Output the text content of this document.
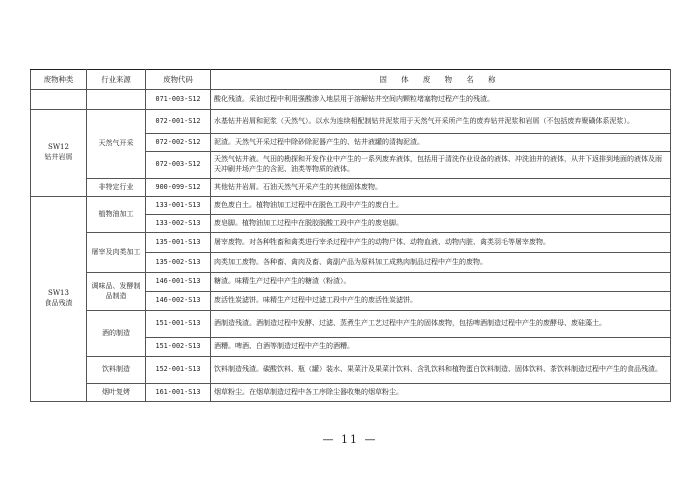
废物种类	行业来源	废物代码	固 体 废 物 名 称
		071-003-S12	酸化残渣。采油过程中利用强酸渗入地层用于溶解钻井空间内颗粒堵塞物过程产生的残渣。

SW12
钻井岩屑	天然气开采	072-001-S12	水基钻井岩屑和泥浆（天然气）。以水为连续相配制钻井泥浆用于天然气开采所产生的废弃钻井泥浆和岩屑（不包括废弃聚磺体系泥浆）。
		072-002-S12	泥渣。天然气开采过程中除砂除泥器产生的、钻井液罐的清掏泥渣。
		072-003-S12	天然气钻井液。气田的勘探和开发作业中产生的一系列废弃液体，包括用于清洗作业设备的液体、冲洗油井的液体，从井下返排到地面的液体及雨天冲刷井场产生的含泥、油类等物质的液体。
	非特定行业	900-099-S12	其他钻井岩屑。石油天然气开采产生的其他固体废物。

SW13
食品残渣	植物油加工	133-001-S13	废色废白土。植物油加工过程中在脱色工段中产生的废白土。
		133-002-S13	废皂脚。植物油加工过程中在脱胶脱酸工段中产生的废皂脚。
	屠宰及肉类加工	135-001-S13	屠宰废物。对各种牲畜和禽类进行宰杀过程中产生的动物尸体、动物血液、动物内脏、禽类羽毛等屠宰废物。
		135-002-S13	肉类加工废物。各种畜、禽肉及畜、禽副产品为原料加工成熟肉制品过程中产生的废物。
	调味品、发酵制品制造	146-001-S13	糖渣。味精生产过程中产生的糖渣（粉渣）。
		146-002-S13	废活性炭滤饼。味精生产过程中过滤工段中产生的废活性炭滤饼。
	酒的制造	151-001-S13	酒制造残渣。酒制造过程中发酵、过滤、蒸煮生产工艺过程中产生的固体废物，包括啤酒制造过程中产生的废酵母、废硅藻土。
		151-002-S13	酒糟。啤酒、白酒等制造过程中产生的酒糟。
	饮料制造	152-001-S13	饮料制造残渣。碳酸饮料、瓶（罐）装水、果菜汁及果菜汁饮料、含乳饮料和植物蛋白饮料制造、固体饮料、茶饮料制造过程中产生的食品残渣。
	烟叶复烤	161-001-S13	烟草粉尘。在烟草制造过程中各工序除尘器收集的烟草粉尘。
— 11 —
